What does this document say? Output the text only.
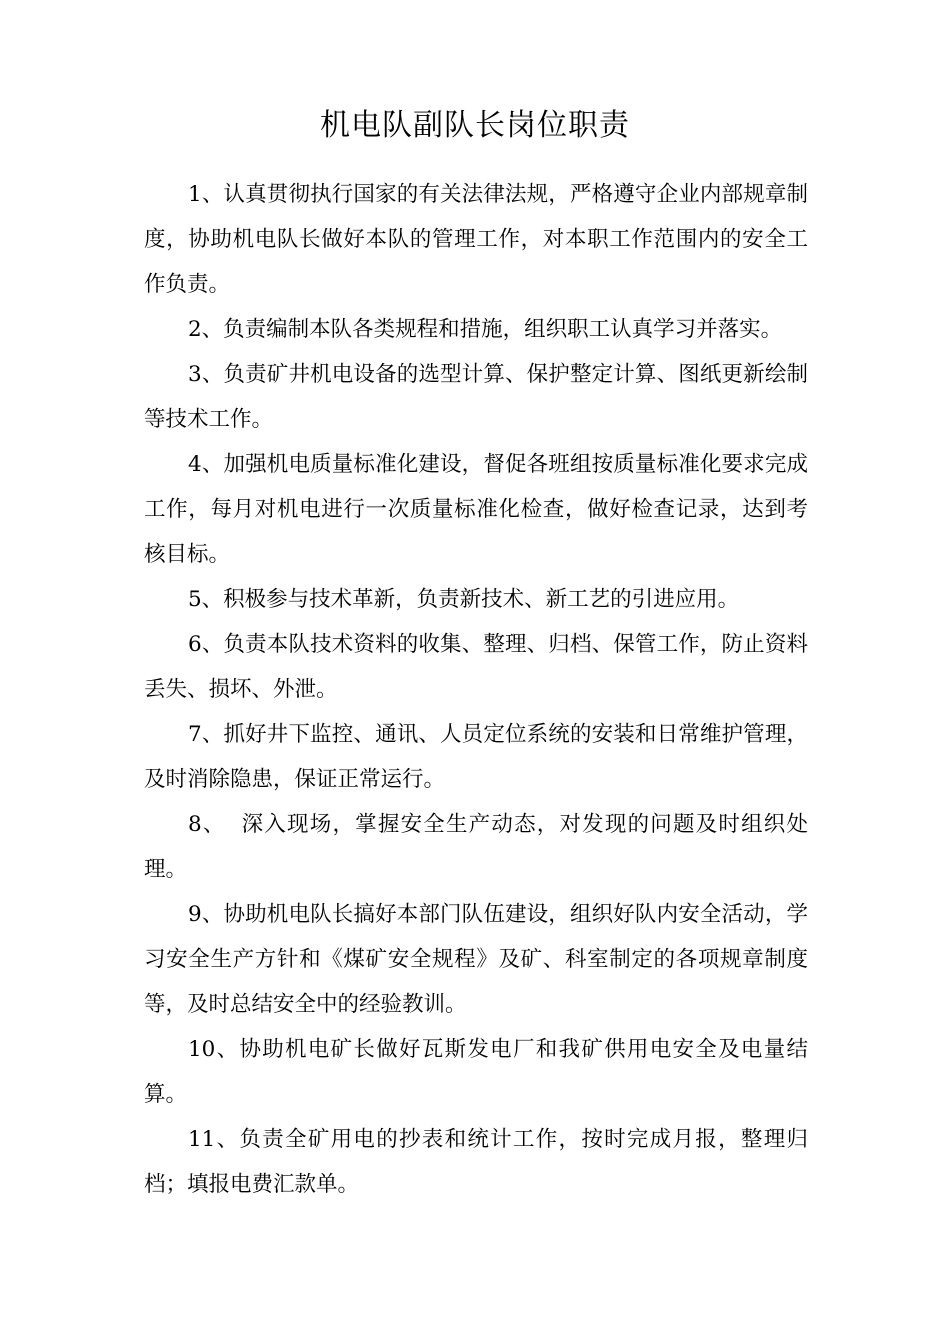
机电队副队长岗位职责

1、认真贯彻执行国家的有关法律法规，严格遵守企业内部规章制度，协助机电队长做好本队的管理工作，对本职工作范围内的安全工作负责。

2、负责编制本队各类规程和措施，组织职工认真学习并落实。

3、负责矿井机电设备的选型计算、保护整定计算、图纸更新绘制等技术工作。

4、加强机电质量标准化建设，督促各班组按质量标准化要求完成工作，每月对机电进行一次质量标准化检查，做好检查记录，达到考核目标。

5、积极参与技术革新，负责新技术、新工艺的引进应用。

6、负责本队技术资料的收集、整理、归档、保管工作，防止资料丢失、损坏、外泄。

7、抓好井下监控、通讯、人员定位系统的安装和日常维护管理，及时消除隐患，保证正常运行。

8、  深入现场，掌握安全生产动态，对发现的问题及时组织处理。

9、协助机电队长搞好本部门队伍建设，组织好队内安全活动，学习安全生产方针和《煤矿安全规程》及矿、科室制定的各项规章制度等，及时总结安全中的经验教训。

10、协助机电矿长做好瓦斯发电厂和我矿供用电安全及电量结算。

11、负责全矿用电的抄表和统计工作，按时完成月报，整理归档；填报电费汇款单。
